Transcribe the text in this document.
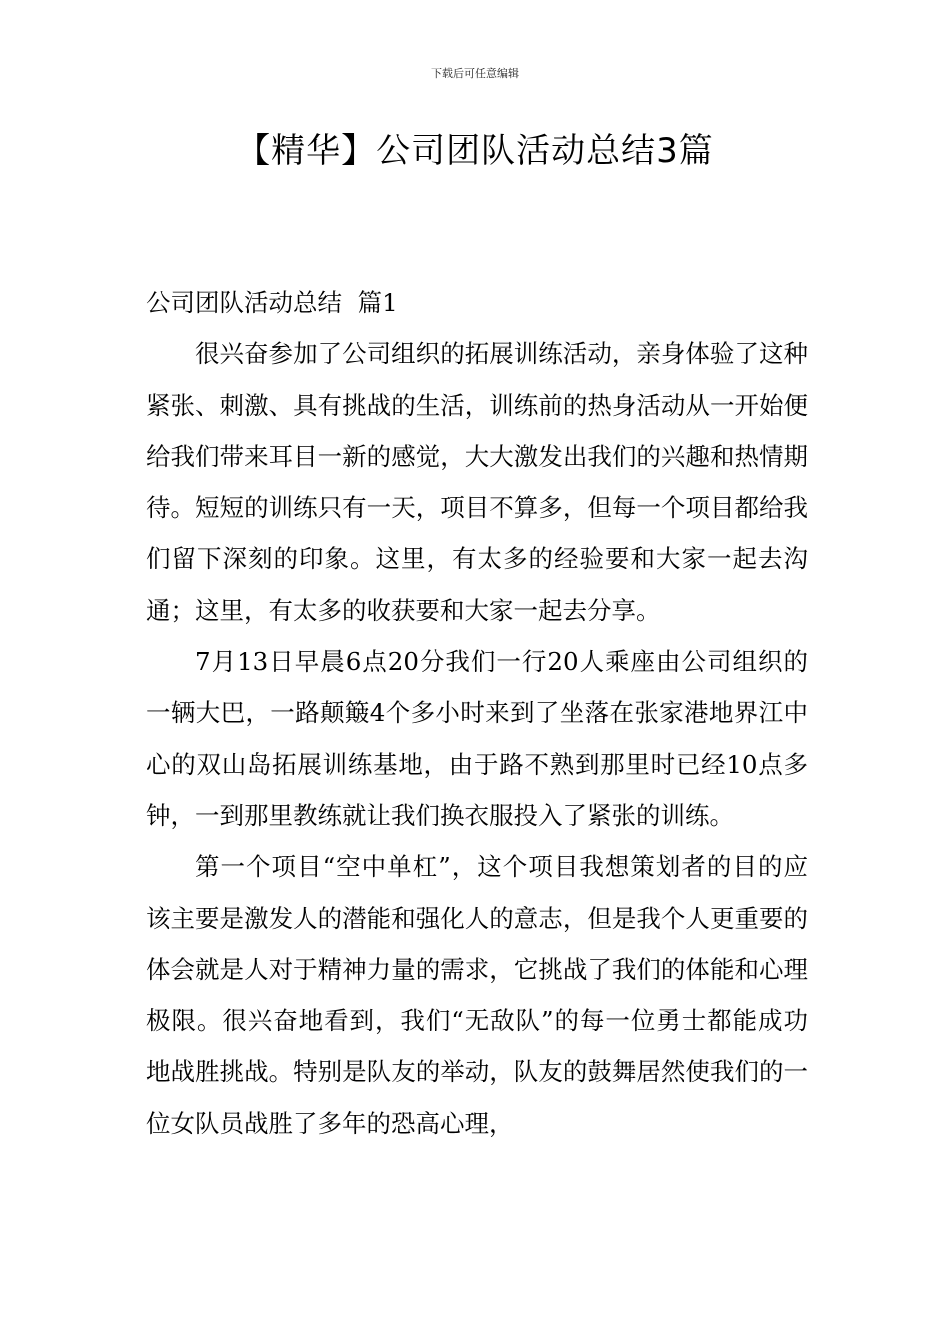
下载后可任意编辑
【精华】公司团队活动总结3篇

公司团队活动总结  篇1

很兴奋参加了公司组织的拓展训练活动，亲身体验了这种紧张、刺激、具有挑战的生活，训练前的热身活动从一开始便给我们带来耳目一新的感觉，大大激发出我们的兴趣和热情期待。短短的训练只有一天，项目不算多，但每一个项目都给我们留下深刻的印象。这里，有太多的经验要和大家一起去沟通；这里，有太多的收获要和大家一起去分享。

7月13日早晨6点20分我们一行20人乘座由公司组织的一辆大巴，一路颠簸4个多小时来到了坐落在张家港地界江中心的双山岛拓展训练基地，由于路不熟到那里时已经10点多钟，一到那里教练就让我们换衣服投入了紧张的训练。

第一个项目“空中单杠”，这个项目我想策划者的目的应该主要是激发人的潜能和强化人的意志，但是我个人更重要的体会就是人对于精神力量的需求，它挑战了我们的体能和心理极限。很兴奋地看到，我们“无敌队”的每一位勇士都能成功地战胜挑战。特别是队友的举动，队友的鼓舞居然使我们的一位女队员战胜了多年的恐高心理，
